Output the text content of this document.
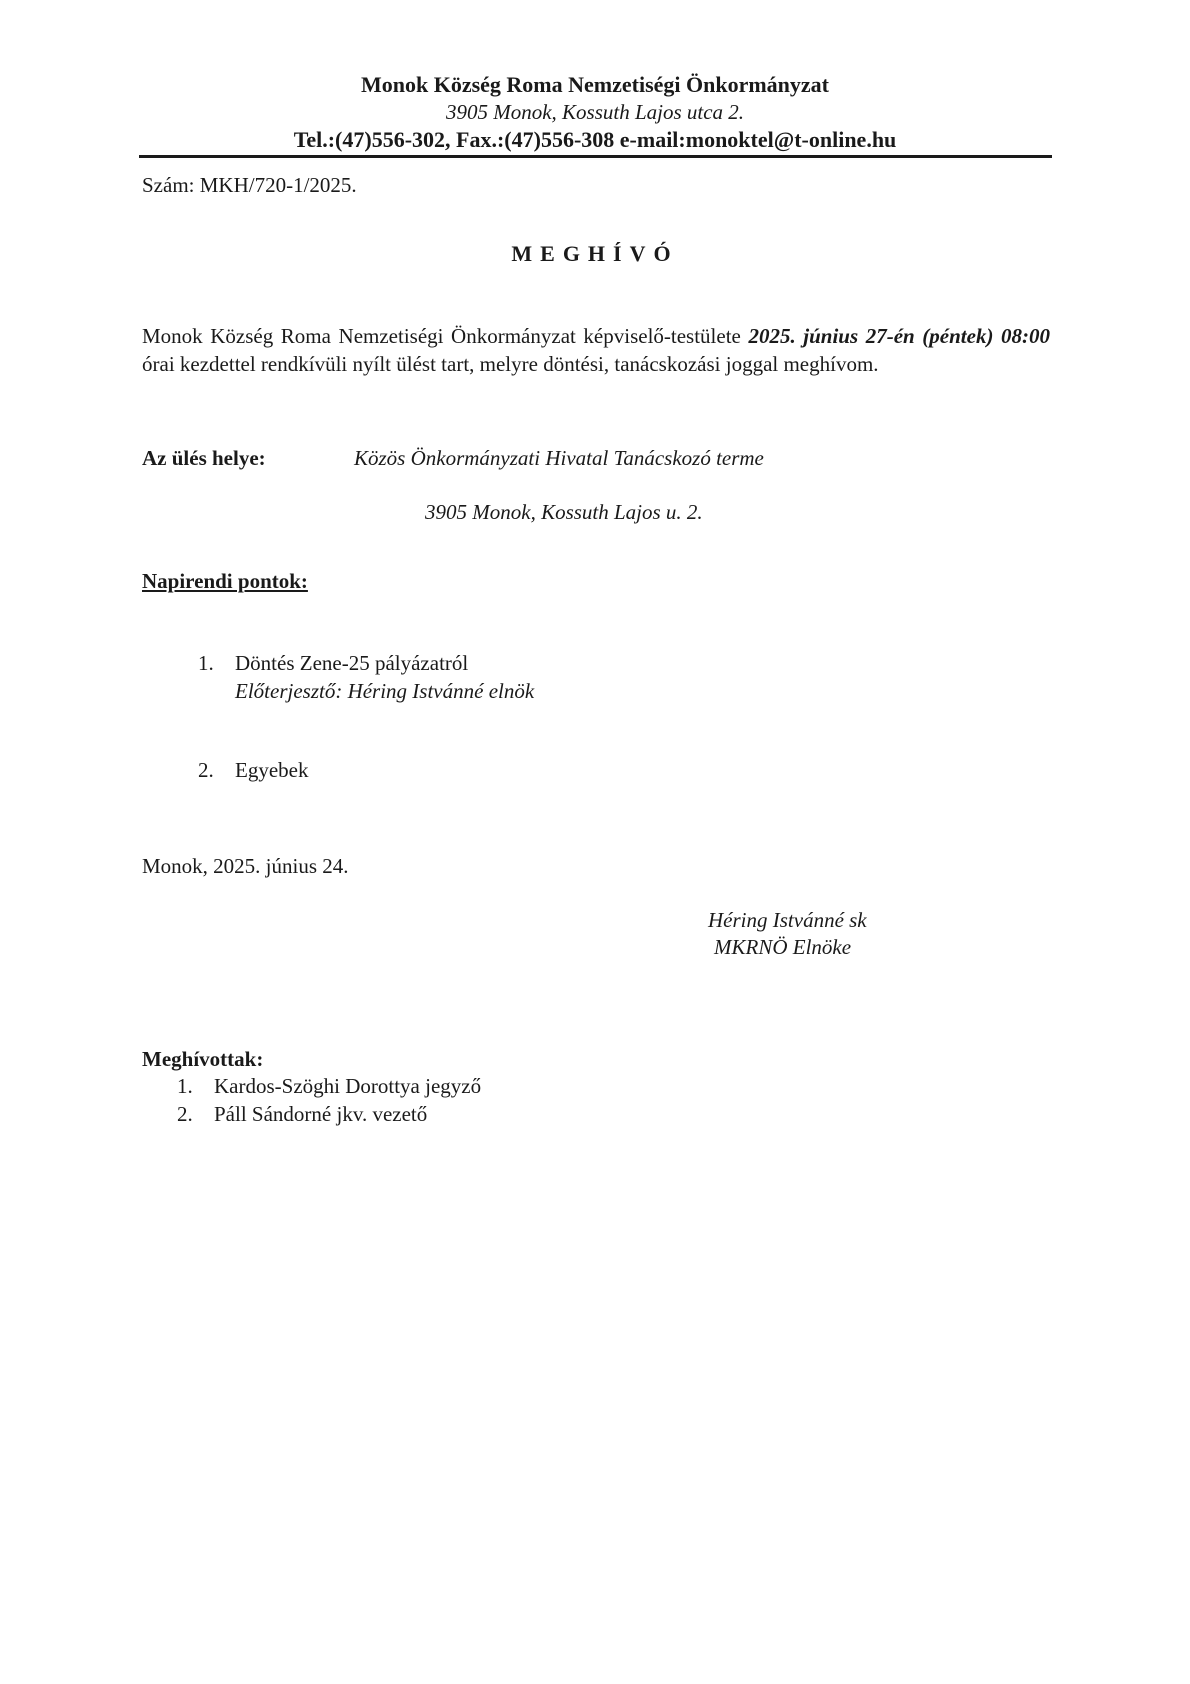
Monok Község Roma Nemzetiségi Önkormányzat
3905 Monok, Kossuth Lajos utca 2.
Tel.:(47)556-302, Fax.:(47)556-308 e-mail:monoktel@t-online.hu
Szám: MKH/720-1/2025.
MEGHÍVÓ
Monok Község Roma Nemzetiségi Önkormányzat képviselő-testülete 2025. június 27-én (péntek) 08:00 órai kezdettel rendkívüli nyílt ülést tart, melyre döntési, tanácskozási joggal meghívom.
Az ülés helye:	Közös Önkormányzati Hivatal Tanácskozó terme
3905 Monok, Kossuth Lajos u. 2.
Napirendi pontok:
1. Döntés Zene-25 pályázatról
Előterjesztő: Héring Istvánné elnök
2. Egyebek
Monok, 2025. június 24.
Héring Istvánné sk
MKRNÖ Elnöke
Meghívottak:
1. Kardos-Szöghi Dorottya jegyző
2. Páll Sándorné jkv. vezető
